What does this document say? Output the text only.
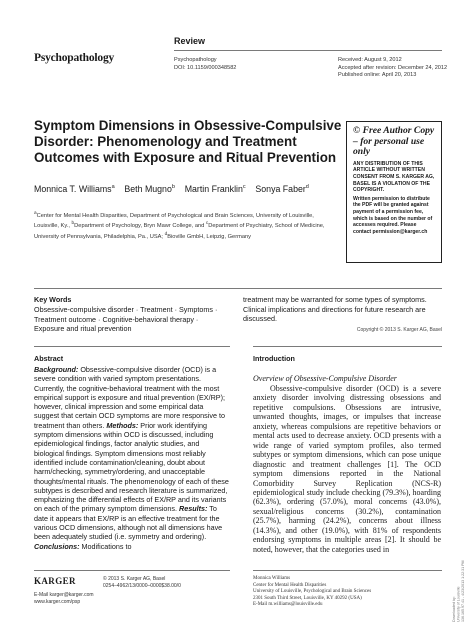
Review
Psychopathology	Psychopathology
DOI: 10.1159/000348582
Received: August 9, 2012
Accepted after revision: December 24, 2012
Published online: April 20, 2013
Symptom Dimensions in Obsessive-Compulsive Disorder: Phenomenology and Treatment Outcomes with Exposure and Ritual Prevention
Monnica T. Williams$^a$ Beth Mugno$^b$ Martin Franklin$^c$ Sonya Faber$^d$
$^a$Center for Mental Health Disparities, Department of Psychological and Brain Sciences, University of Louisville, Louisville, Ky., $^b$Department of Psychology, Bryn Mawr College, and $^c$Department of Psychiatry, School of Medicine, University of Pennsylvania, Philadelphia, Pa., USA; $^d$Bioville GmbH, Leipzig, Germany
© Free Author Copy – for personal use only

ANY DISTRIBUTION OF THIS ARTICLE WITHOUT WRITTEN CONSENT FROM S. KARGER AG, BASEL IS A VIOLATION OF THE COPYRIGHT.

Written permission to distribute the PDF will be granted against payment of a permission fee, which is based on the number of accesses required. Please contact permission@karger.ch

Key Words
Obsessive-compulsive disorder · Treatment · Symptoms · Treatment outcome · Cognitive-behavioral therapy · Exposure and ritual prevention
treatment may be warranted for some types of symptoms. Clinical implications and directions for future research are discussed.
Copyright © 2013 S. Karger AG, Basel
Abstract
Background: Obsessive-compulsive disorder (OCD) is a severe condition with varied symptom presentations. Currently, the cognitive-behavioral treatment with the most empirical support is exposure and ritual prevention (EX/RP); however, clinical impression and some empirical data suggest that certain OCD symptoms are more responsive to treatment than others. Methods: Prior work identifying symptom dimensions within OCD is discussed, including epidemiological findings, factor analytic studies, and biological findings. Symptom dimensions most reliably identified include contamination/cleaning, doubt about harm/checking, symmetry/ordering, and unacceptable thoughts/mental rituals. The phenomenology of each of these subtypes is described and research literature is summarized, emphasizing the differential effects of EX/RP and its variants on each of the primary symptom dimensions. Results: To date it appears that EX/RP is an effective treatment for the various OCD dimensions, although not all dimensions have been adequately studied (i.e. symmetry and ordering). Conclusions: Modifications to
Introduction
Overview of Obsessive-Compulsive Disorder
Obsessive-compulsive disorder (OCD) is a severe anxiety disorder involving distressing obsessions and repetitive compulsions. Obsessions are intrusive, unwanted thoughts, images, or impulses that increase anxiety, whereas compulsions are repetitive behaviors or mental acts used to decrease anxiety. OCD presents with a wide range of varied symptom profiles, also termed subtypes or symptom dimensions, which can pose unique diagnostic and treatment challenges [1]. The OCD symptom dimensions reported in the National Comorbidity Survey Replication (NCS-R) epidemiological study include checking (79.3%), hoarding (62.3%), ordering (57.0%), moral concerns (43.0%), sexual/religious concerns (30.2%), contamination (25.7%), harming (24.2%), concerns about illness (14.3%), and other (19.0%), with 81% of respondents endorsing symptoms in multiple areas [2]. It should be noted, however, that the categories used in
KARGER	© 2013 S. Karger AG, Basel
0254–4962/13/0000–0000$38.00/0
E-Mail karger@karger.com
www.karger.com/psp
Monnica Williams
Center for Mental Health Disparities
University of Louisville, Psychological and Brain Sciences
2301 South Third Street, Louisville, KY 40292 (USA)
E-Mail m.williams@louisville.edu	Downloaded by: University of Louisville 136.165.97.41 - 4/23/2013 1:22:31 PM
